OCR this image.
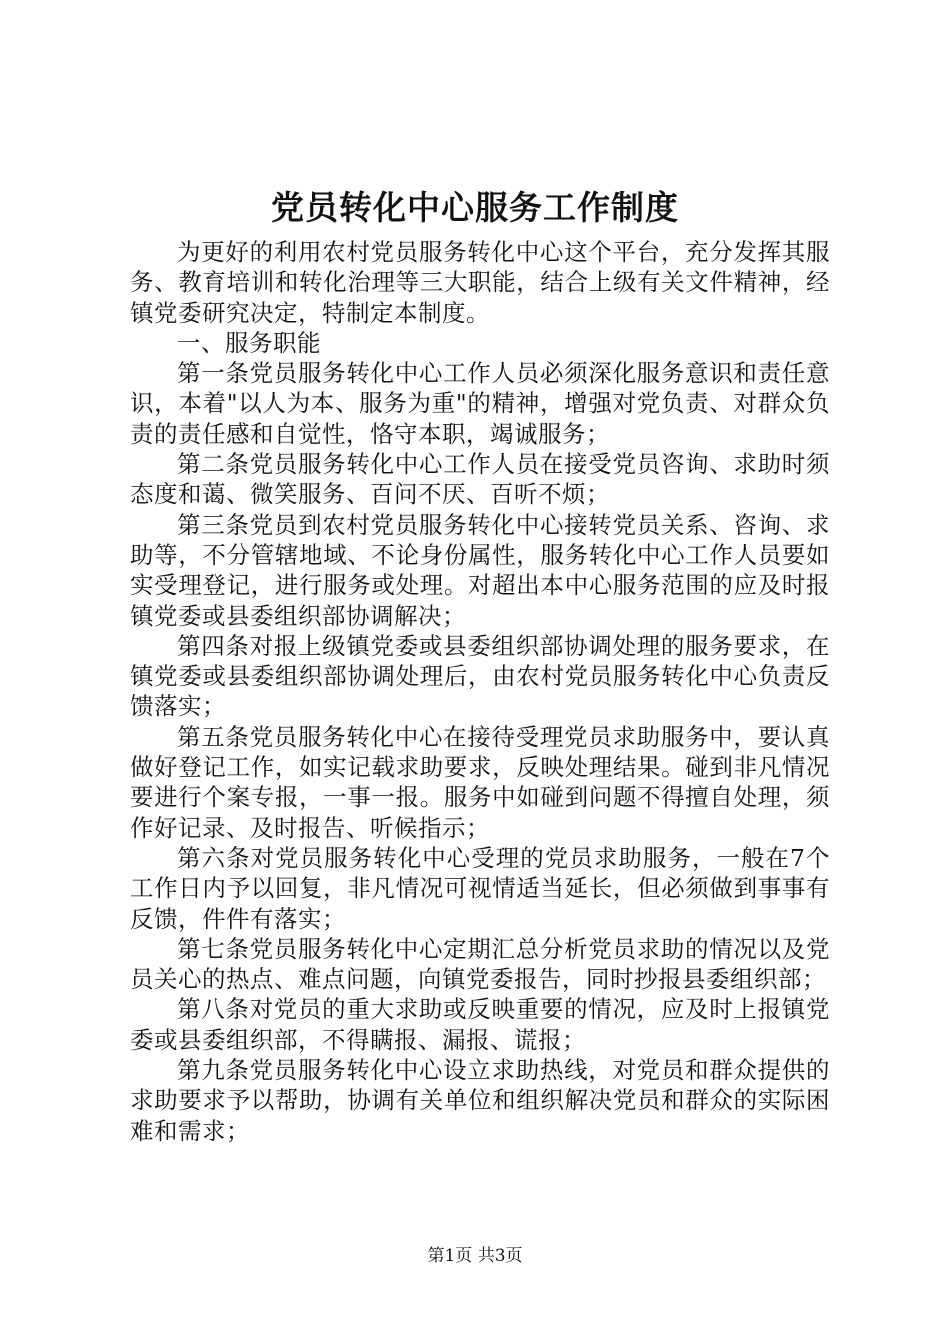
党员转化中心服务工作制度

为更好的利用农村党员服务转化中心这个平台，充分发挥其服务、教育培训和转化治理等三大职能，结合上级有关文件精神，经镇党委研究决定，特制定本制度。

一、服务职能

第一条党员服务转化中心工作人员必须深化服务意识和责任意识，本着"以人为本、服务为重"的精神，增强对党负责、对群众负责的责任感和自觉性，恪守本职，竭诚服务；

第二条党员服务转化中心工作人员在接受党员咨询、求助时须态度和蔼、微笑服务、百问不厌、百听不烦；

第三条党员到农村党员服务转化中心接转党员关系、咨询、求助等，不分管辖地域、不论身份属性，服务转化中心工作人员要如实受理登记，进行服务或处理。对超出本中心服务范围的应及时报镇党委或县委组织部协调解决；

第四条对报上级镇党委或县委组织部协调处理的服务要求，在镇党委或县委组织部协调处理后，由农村党员服务转化中心负责反馈落实；

第五条党员服务转化中心在接待受理党员求助服务中，要认真做好登记工作，如实记载求助要求，反映处理结果。碰到非凡情况要进行个案专报，一事一报。服务中如碰到问题不得擅自处理，须作好记录、及时报告、听候指示；

第六条对党员服务转化中心受理的党员求助服务，一般在7个工作日内予以回复，非凡情况可视情适当延长，但必须做到事事有反馈，件件有落实；

第七条党员服务转化中心定期汇总分析党员求助的情况以及党员关心的热点、难点问题，向镇党委报告，同时抄报县委组织部；

第八条对党员的重大求助或反映重要的情况，应及时上报镇党委或县委组织部，不得瞒报、漏报、谎报；

第九条党员服务转化中心设立求助热线，对党员和群众提供的求助要求予以帮助，协调有关单位和组织解决党员和群众的实际困难和需求；

第1页 共3页
